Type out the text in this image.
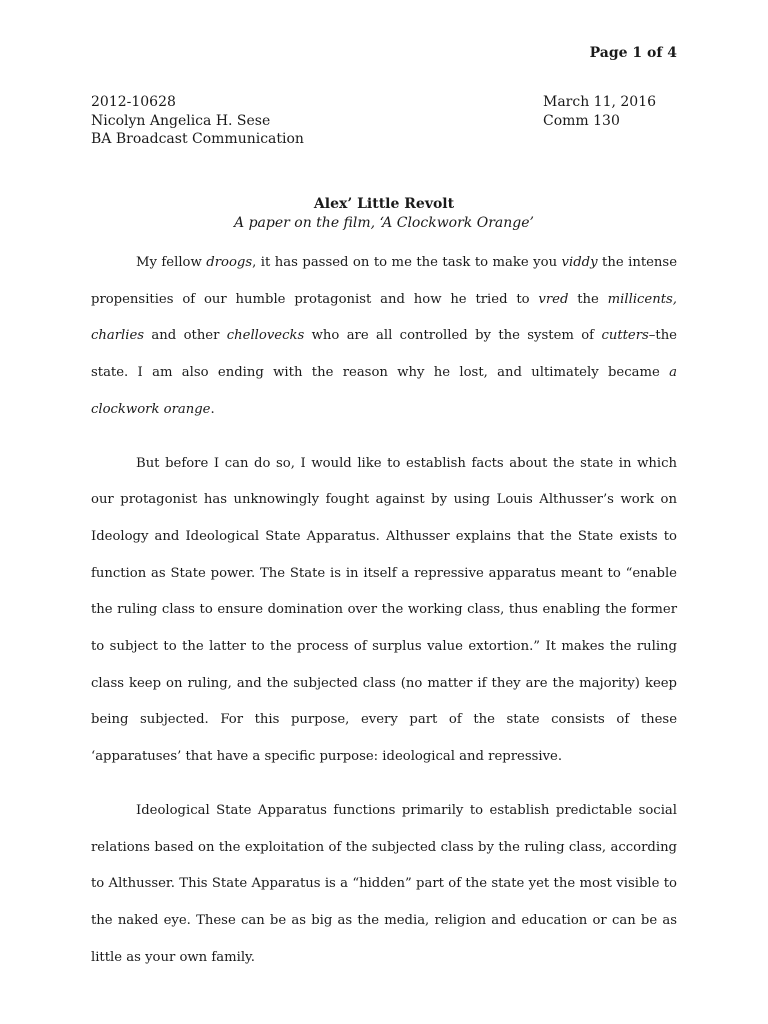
Page 1 of 4
2012-10628	March 11, 2016
Nicolyn Angelica H. Sese	Comm 130
BA Broadcast Communication
Alex’ Little Revolt
A paper on the film, ‘A Clockwork Orange’

My fellow droogs, it has passed on to me the task to make you viddy the intense propensities of our humble protagonist and how he tried to vred the millicents, charlies and other chellovecks who are all controlled by the system of cutters–the state. I am also ending with the reason why he lost, and ultimately became a clockwork orange.

But before I can do so, I would like to establish facts about the state in which our protagonist has unknowingly fought against by using Louis Althusser’s work on Ideology and Ideological State Apparatus. Althusser explains that the State exists to function as State power. The State is in itself a repressive apparatus meant to “enable the ruling class to ensure domination over the working class, thus enabling the former to subject to the latter to the process of surplus value extortion.” It makes the ruling class keep on ruling, and the subjected class (no matter if they are the majority) keep being subjected. For this purpose, every part of the state consists of these ‘apparatuses’ that have a specific purpose: ideological and repressive.

Ideological State Apparatus functions primarily to establish predictable social relations based on the exploitation of the subjected class by the ruling class, according to Althusser. This State Apparatus is a “hidden” part of the state yet the most visible to the naked eye. These can be as big as the media, religion and education or can be as little as your own family.
